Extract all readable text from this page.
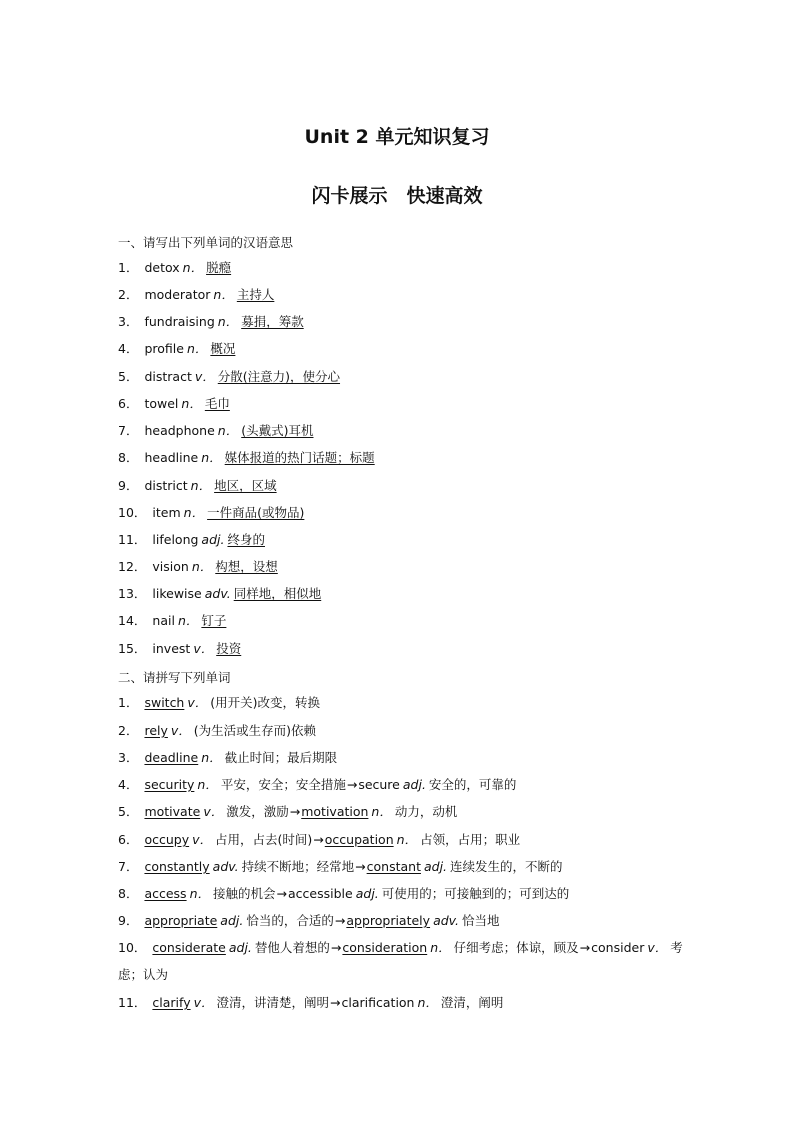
Unit 2 单元知识复习
闪卡展示　快速高效
一、请写出下列单词的汉语意思
1． detox n． 脱瘾
2． moderator n． 主持人
3． fundraising n． 募捐，筹款
4． profile n． 概况
5． distract v． 分散(注意力)，使分心
6． towel n． 毛巾
7． headphone n． (头戴式)耳机
8． headline n． 媒体报道的热门话题；标题
9． district n． 地区，区域
10． item n． 一件商品(或物品)
11． lifelong adj. 终身的
12． vision n． 构想，设想
13． likewise adv. 同样地，相似地
14． nail n． 钉子
15． invest v． 投资
二、请拼写下列单词
1． switch v． (用开关)改变，转换
2． rely v． (为生活或生存而)依赖
3． deadline n． 截止时间；最后期限
4． security n． 平安，安全；安全措施→secure adj. 安全的，可靠的
5． motivate v． 激发，激励→motivation n． 动力，动机
6． occupy v． 占用，占去(时间)→occupation n． 占领，占用；职业
7． constantly adv. 持续不断地；经常地→constant adj. 连续发生的，不断的
8． access n． 接触的机会→accessible adj. 可使用的；可接触到的；可到达的
9． appropriate adj. 恰当的，合适的→appropriately adv. 恰当地
10． considerate adj. 替他人着想的→consideration n． 仔细考虑；体谅，顾及→consider v． 考虑；认为
11． clarify v． 澄清，讲清楚，阐明→clarification n． 澄清，阐明
